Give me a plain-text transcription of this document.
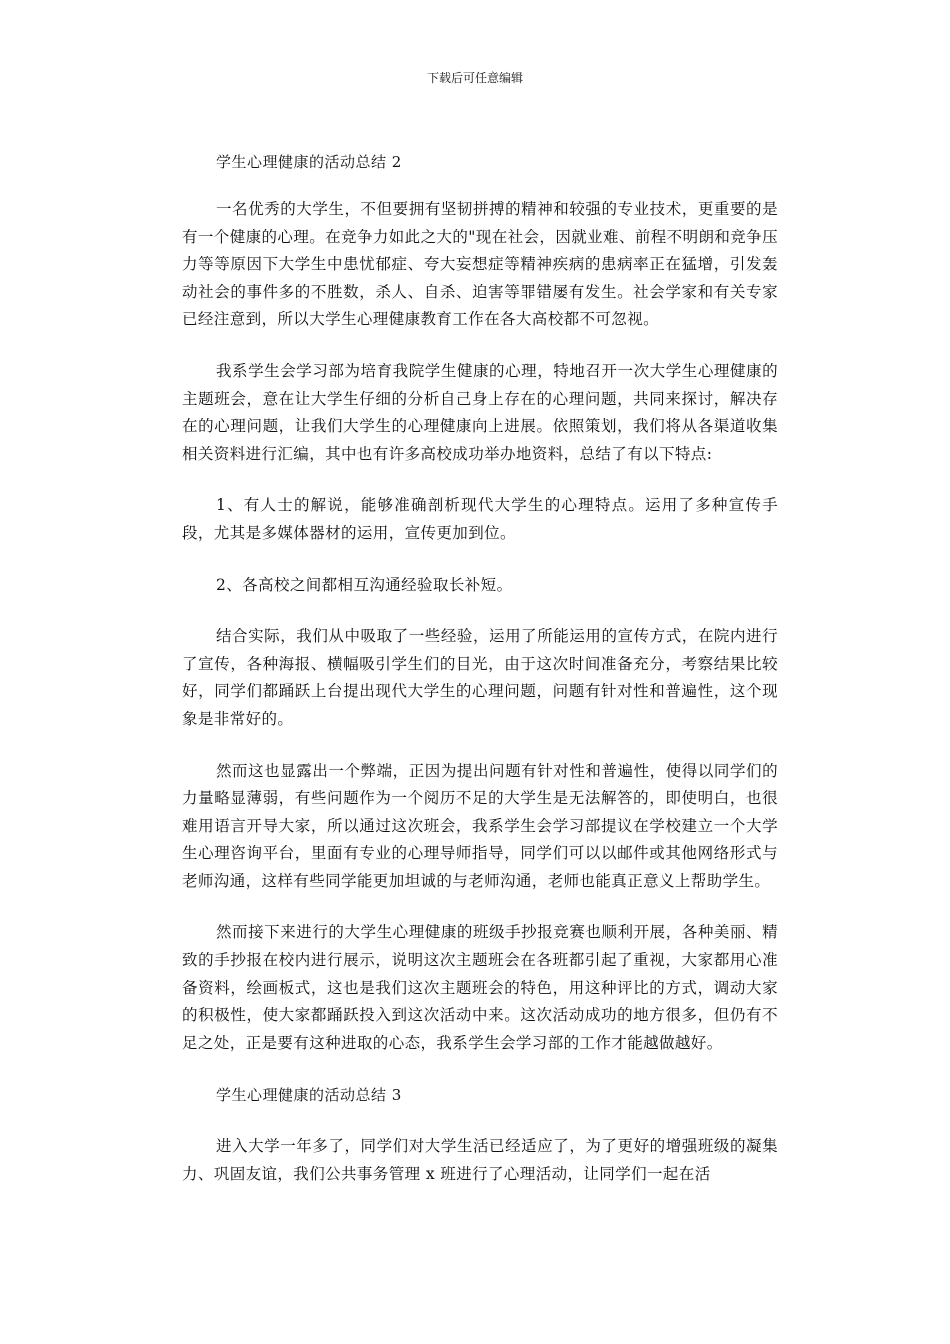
下载后可任意编辑

学生心理健康的活动总结 2

一名优秀的大学生，不但要拥有坚韧拼搏的精神和较强的专业技术，更重要的是有一个健康的心理。在竞争力如此之大的"现在社会，因就业难、前程不明朗和竞争压力等等原因下大学生中患忧郁症、夸大妄想症等精神疾病的患病率正在猛增，引发轰动社会的事件多的不胜数，杀人、自杀、迫害等罪错屡有发生。社会学家和有关专家已经注意到，所以大学生心理健康教育工作在各大高校都不可忽视。

我系学生会学习部为培育我院学生健康的心理，特地召开一次大学生心理健康的主题班会，意在让大学生仔细的分析自己身上存在的心理问题，共同来探讨，解决存在的心理问题，让我们大学生的心理健康向上进展。依照策划，我们将从各渠道收集相关资料进行汇编，其中也有许多高校成功举办地资料，总结了有以下特点:

1、有人士的解说，能够准确剖析现代大学生的心理特点。运用了多种宣传手段，尤其是多媒体器材的运用，宣传更加到位。

2、各高校之间都相互沟通经验取长补短。

结合实际，我们从中吸取了一些经验，运用了所能运用的宣传方式，在院内进行了宣传，各种海报、横幅吸引学生们的目光，由于这次时间准备充分，考察结果比较好，同学们都踊跃上台提出现代大学生的心理问题，问题有针对性和普遍性，这个现象是非常好的。

然而这也显露出一个弊端，正因为提出问题有针对性和普遍性，使得以同学们的力量略显薄弱，有些问题作为一个阅历不足的大学生是无法解答的，即使明白，也很难用语言开导大家，所以通过这次班会，我系学生会学习部提议在学校建立一个大学生心理咨询平台，里面有专业的心理导师指导，同学们可以以邮件或其他网络形式与老师沟通，这样有些同学能更加坦诚的与老师沟通，老师也能真正意义上帮助学生。

然而接下来进行的大学生心理健康的班级手抄报竞赛也顺利开展，各种美丽、精致的手抄报在校内进行展示，说明这次主题班会在各班都引起了重视，大家都用心准备资料，绘画板式，这也是我们这次主题班会的特色，用这种评比的方式，调动大家的积极性，使大家都踊跃投入到这次活动中来。这次活动成功的地方很多，但仍有不足之处，正是要有这种进取的心态，我系学生会学习部的工作才能越做越好。

学生心理健康的活动总结 3

进入大学一年多了，同学们对大学生活已经适应了，为了更好的增强班级的凝集力、巩固友谊，我们公共事务管理 x 班进行了心理活动，让同学们一起在活
